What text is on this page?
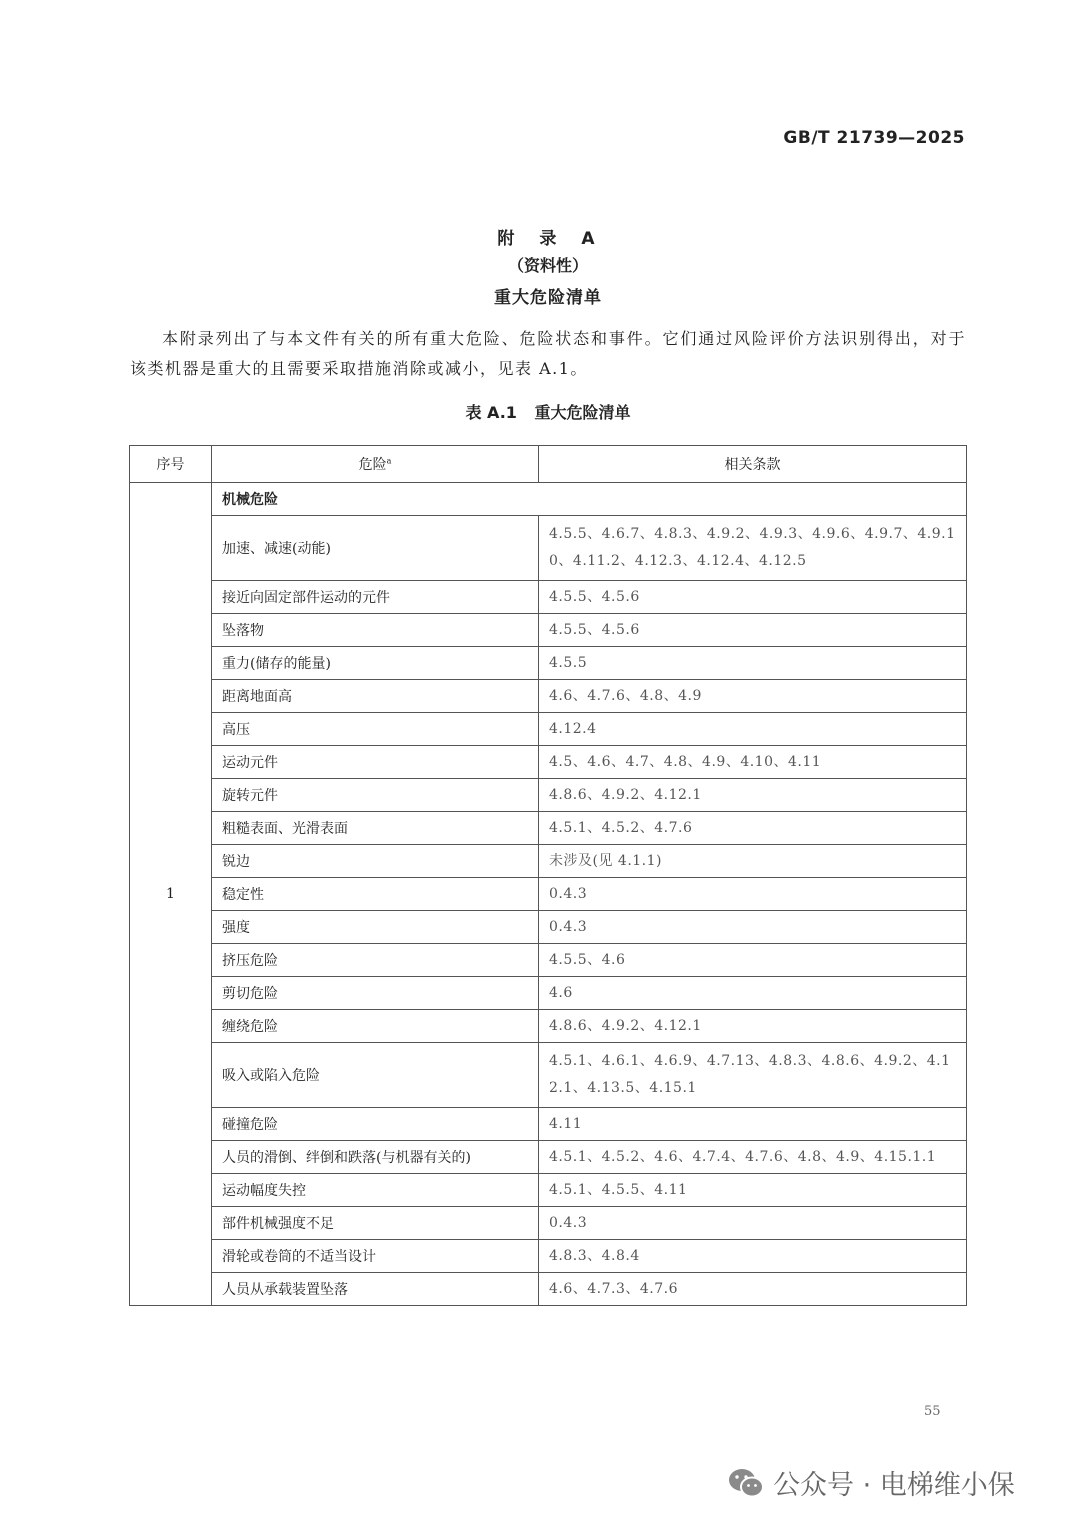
GB/T 21739—2025
附　录　A
（资料性）
重大危险清单

本附录列出了与本文件有关的所有重大危险、危险状态和事件。它们通过风险评价方法识别得出，对于该类机器是重大的且需要采取措施消除或减小，见表 A.1。

表 A.1 重大危险清单
序号	危险$^a$	相关条款
1	机械危险	
	加速、减速(动能)	4.5.5、4.6.7、4.8.3、4.9.2、4.9.3、4.9.6、4.9.7、4.9.10、4.11.2、4.12.3、4.12.4、4.12.5
	接近向固定部件运动的元件	4.5.5、4.5.6
	坠落物	4.5.5、4.5.6
	重力(储存的能量)	4.5.5
	距离地面高	4.6、4.7.6、4.8、4.9
	高压	4.12.4
	运动元件	4.5、4.6、4.7、4.8、4.9、4.10、4.11
	旋转元件	4.8.6、4.9.2、4.12.1
	粗糙表面、光滑表面	4.5.1、4.5.2、4.7.6
	锐边	未涉及(见 4.1.1)
	稳定性	0.4.3
	强度	0.4.3
	挤压危险	4.5.5、4.6
	剪切危险	4.6
	缠绕危险	4.8.6、4.9.2、4.12.1
	吸入或陷入危险	4.5.1、4.6.1、4.6.9、4.7.13、4.8.3、4.8.6、4.9.2、4.12.1、4.13.5、4.15.1
	碰撞危险	4.11
	人员的滑倒、绊倒和跌落(与机器有关的)	4.5.1、4.5.2、4.6、4.7.4、4.7.6、4.8、4.9、4.15.1.1
	运动幅度失控	4.5.1、4.5.5、4.11
	部件机械强度不足	0.4.3
	滑轮或卷筒的不适当设计	4.8.3、4.8.4
	人员从承载装置坠落	4.6、4.7.3、4.7.6
55
公众号 · 电梯维小保
